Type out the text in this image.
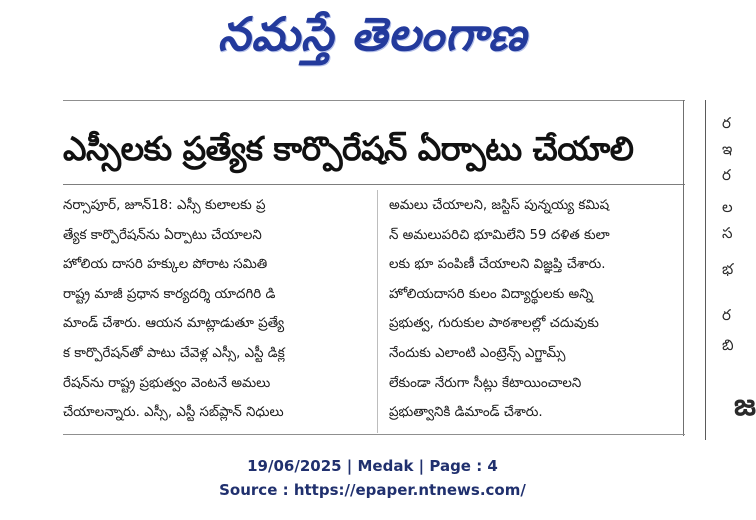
నమస్తే తెలంగాణ
ఎస్సీలకు ప్రత్యేక కార్పొరేషన్ ఏర్పాటు చేయాలి

నర్సాపూర్, జూన్18: ఎస్సీ కులాలకు ప్ర

త్యేక కార్పొరేషన్‌ను ఏర్పాటు చేయాలని

హోలియ దాసరి హక్కుల పోరాట సమితి

రాష్ట్ర మాజీ ప్రధాన కార్యదర్శి యాదగిరి డి

మాండ్ చేశారు. ఆయన మాట్లాడుతూ ప్రత్యే

క కార్పొరేషన్‌తో పాటు చేవెళ్ల ఎస్సీ, ఎస్టీ డిక్ల

రేషన్‌ను రాష్ట్ర ప్రభుత్వం వెంటనే అమలు

చేయాలన్నారు. ఎస్సీ, ఎస్టీ సబ్‌ప్లాన్ నిధులు

అమలు చేయాలని, జస్టిస్ పున్నయ్య కమిష

న్ అమలుపరిచి భూమిలేని 59 దళిత కులా

లకు భూ పంపిణీ చేయాలని విజ్ఞప్తి చేశారు.

హోలియదాసరి కులం విద్యార్థులకు అన్ని

ప్రభుత్వ, గురుకుల పాఠశాలల్లో చదువుకు

నేందుకు ఎలాంటి ఎంట్రెన్స్ ఎగ్జామ్స్

లేకుండా నేరుగా సీట్లు కేటాయించాలని

ప్రభుత్వానికి డిమాండ్ చేశారు.

ర
ఇ
ర
ల
స
భ
ర
బి
జ
19/06/2025 | Medak | Page : 4
Source : https://epaper.ntnews.com/
